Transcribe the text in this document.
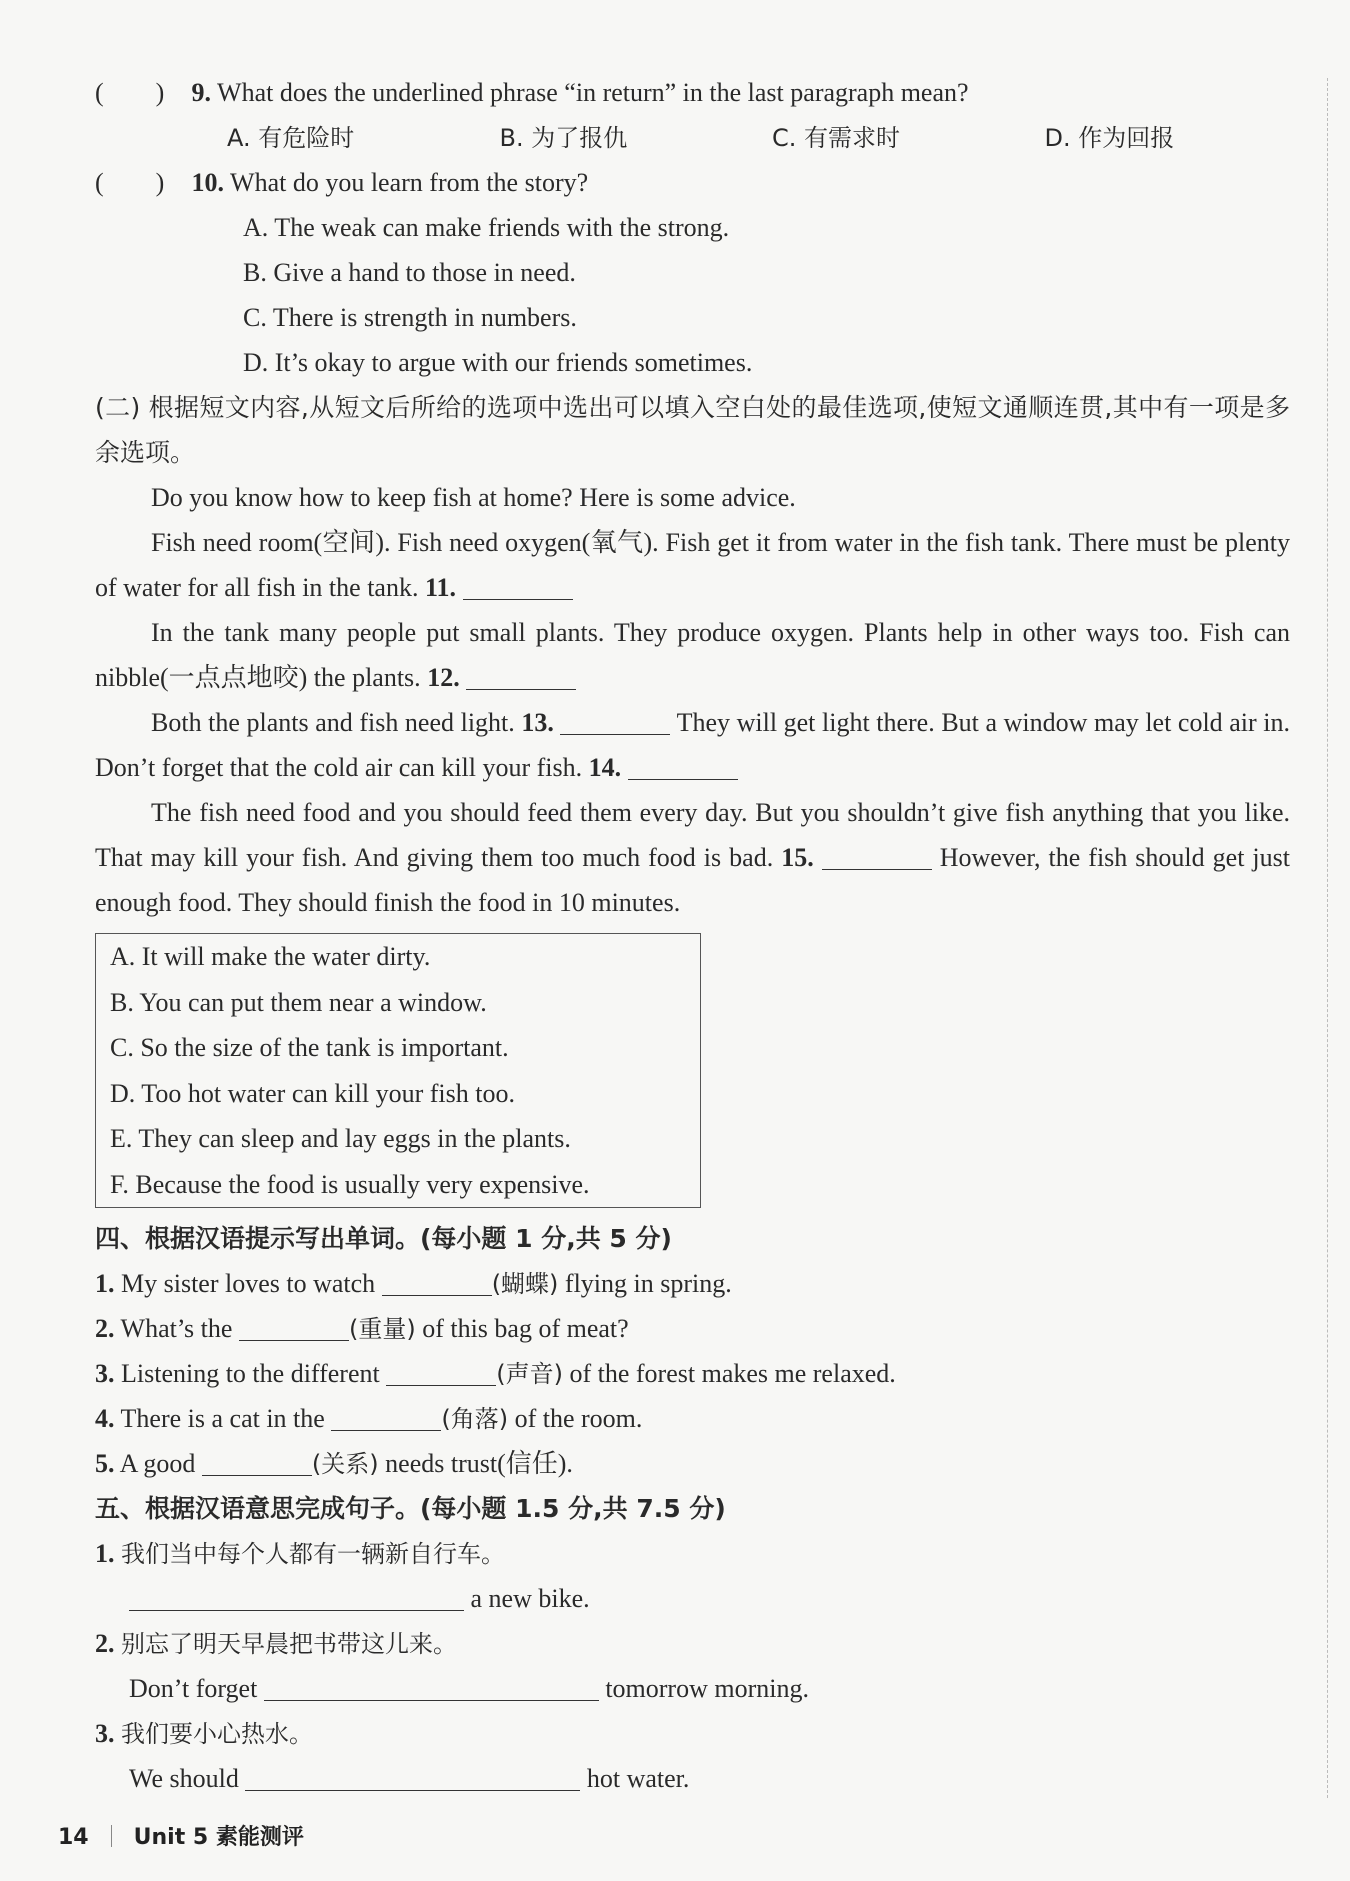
(　　) 9. What does the underlined phrase “in return” in the last paragraph mean?
A. 有危险时	B. 为了报仇	C. 有需求时	D. 作为回报
(　　) 10. What do you learn from the story?
A. The weak can make friends with the strong.
B. Give a hand to those in need.
C. There is strength in numbers.
D. It’s okay to argue with our friends sometimes.
(二) 根据短文内容,从短文后所给的选项中选出可以填入空白处的最佳选项,使短文通顺连贯,其中有一项是多余选项。
Do you know how to keep fish at home? Here is some advice.
Fish need room(空间). Fish need oxygen(氧气). Fish get it from water in the fish tank. There must be plenty of water for all fish in the tank. 11.
In the tank many people put small plants. They produce oxygen. Plants help in other ways too. Fish can nibble(一点点地咬) the plants. 12.
Both the plants and fish need light. 13.	They will get light there. But a window may let cold air in. Don’t forget that the cold air can kill your fish. 14.
The fish need food and you should feed them every day. But you shouldn’t give fish anything that you like. That may kill your fish. And giving them too much food is bad. 15.	However, the fish should get just enough food. They should finish the food in 10 minutes.
A. It will make the water dirty.
B. You can put them near a window.
C. So the size of the tank is important.
D. Too hot water can kill your fish too.
E. They can sleep and lay eggs in the plants.
F. Because the food is usually very expensive.
四、根据汉语提示写出单词。(每小题 1 分,共 5 分)
1. My sister loves to watch	(蝴蝶) flying in spring.
2. What’s the	(重量) of this bag of meat?
3. Listening to the different	(声音) of the forest makes me relaxed.
4. There is a cat in the	(角落) of the room.
5. A good	(关系) needs trust(信任).
五、根据汉语意思完成句子。(每小题 1.5 分,共 7.5 分)
1. 我们当中每个人都有一辆新自行车。
a new bike.
2. 别忘了明天早晨把书带这儿来。
Don’t forget	tomorrow morning.
3. 我们要小心热水。
We should	hot water.
14 Unit 5 素能测评
